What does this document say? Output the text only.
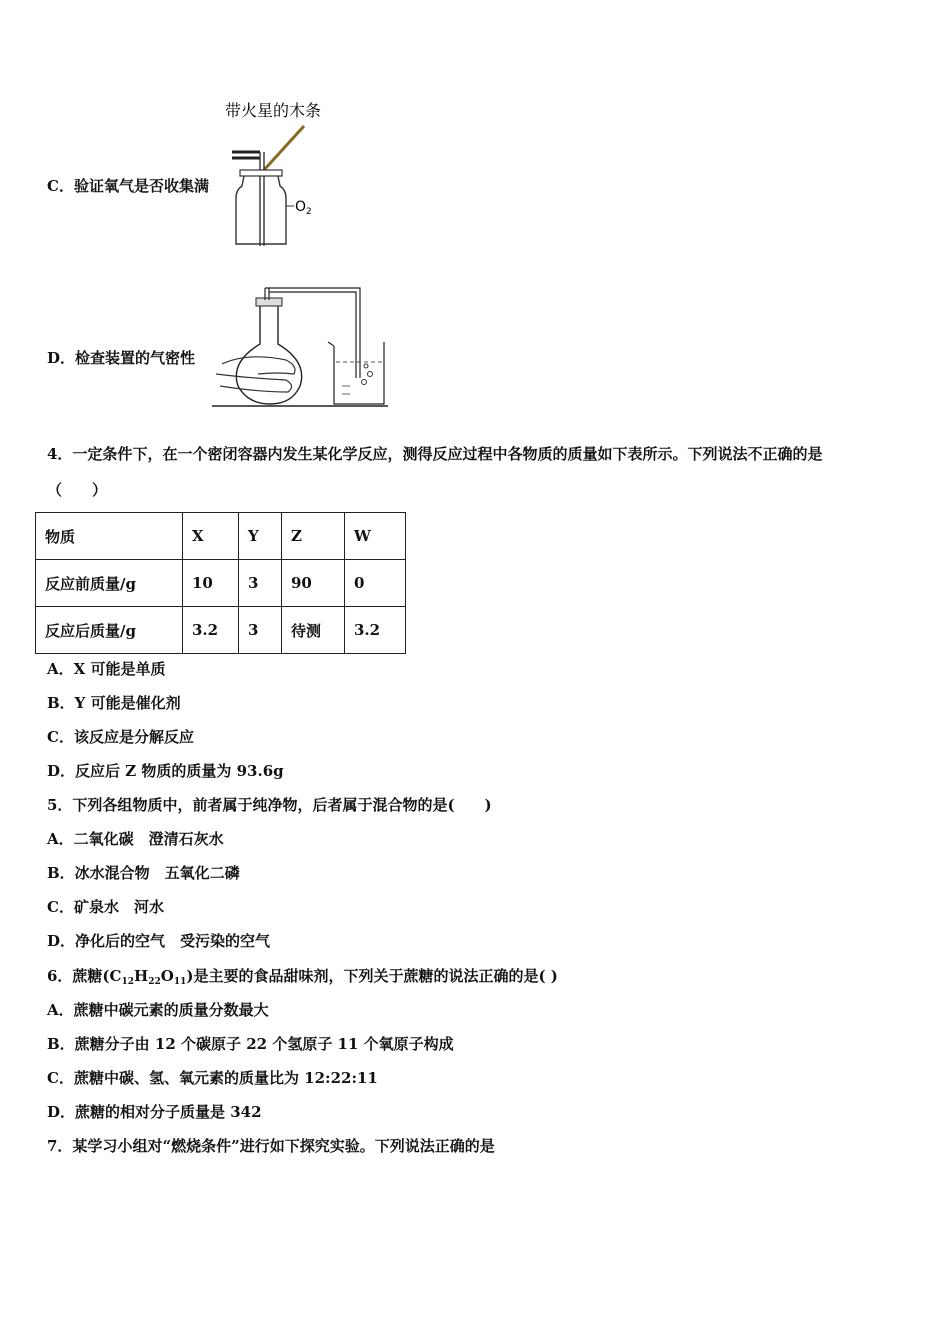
C．验证氧气是否收集满
带火星的木条
$O_2$
D．检查装置的气密性
4．一定条件下，在一个密闭容器内发生某化学反应，测得反应过程中各物质的质量如下表所示。下列说法不正确的是
（　　）
物质	X	Y	Z	W
反应前质量/g	10	3	90	0
反应后质量/g	3.2	3	待测	3.2
A．X 可能是单质
B．Y 可能是催化剂
C．该反应是分解反应
D．反应后 Z 物质的质量为 93.6g
5．下列各组物质中，前者属于纯净物，后者属于混合物的是(　　)
A．二氧化碳　澄清石灰水
B．冰水混合物　五氧化二磷
C．矿泉水　河水
D．净化后的空气　受污染的空气
6．蔗糖$(C_{12}H_{22}O_{11})$是主要的食品甜味剂，下列关于蔗糖的说法正确的是( )
A．蔗糖中碳元素的质量分数最大
B．蔗糖分子由 12 个碳原子 22 个氢原子 11 个氧原子构成
C．蔗糖中碳、氢、氧元素的质量比为 12:22:11
D．蔗糖的相对分子质量是 342
7．某学习小组对“燃烧条件”进行如下探究实验。下列说法正确的是
